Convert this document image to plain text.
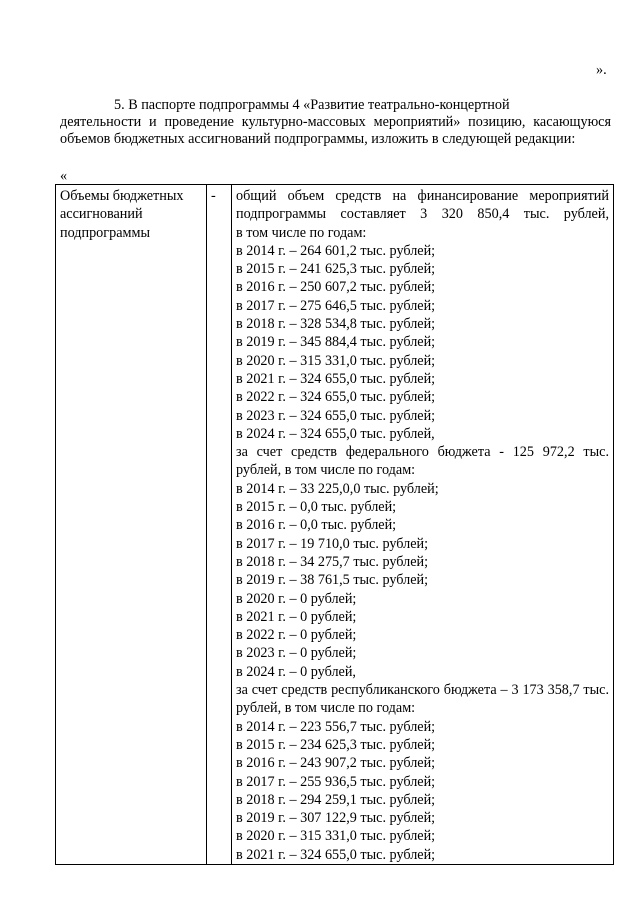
».

5. В паспорте подпрограммы 4 «Развитие театрально-концертной
деятельности и проведение культурно-массовых мероприятий» позицию, касающуюся объемов бюджетных ассигнований подпрограммы, изложить в следующей редакции:

«
Объемы бюджетных ассигнований подпрограммы	-	общий объем средств на финансирование мероприятий подпрограммы составляет 3 320 850,4 тыс. рублей,
в том числе по годам:
в 2014 г. – 264 601,2 тыс. рублей;
в 2015 г. – 241 625,3 тыс. рублей;
в 2016 г. – 250 607,2 тыс. рублей;
в 2017 г. – 275 646,5 тыс. рублей;
в 2018 г. – 328 534,8 тыс. рублей;
в 2019 г. – 345 884,4 тыс. рублей;
в 2020 г. – 315 331,0 тыс. рублей;
в 2021 г. – 324 655,0 тыс. рублей;
в 2022 г. – 324 655,0 тыс. рублей;
в 2023 г. – 324 655,0 тыс. рублей;
в 2024 г. – 324 655,0 тыс. рублей,
за счет средств федерального бюджета - 125 972,2 тыс. рублей, в том числе по годам:
в 2014 г. – 33 225,0,0 тыс. рублей;
в 2015 г. – 0,0 тыс. рублей;
в 2016 г. – 0,0 тыс. рублей;
в 2017 г. – 19 710,0 тыс. рублей;
в 2018 г. – 34 275,7 тыс. рублей;
в 2019 г. – 38 761,5 тыс. рублей;
в 2020 г. – 0 рублей;
в 2021 г. – 0 рублей;
в 2022 г. – 0 рублей;
в 2023 г. – 0 рублей;
в 2024 г. – 0 рублей,
за счет средств республиканского бюджета – 3 173 358,7 тыс. рублей, в том числе по годам:
в 2014 г. – 223 556,7 тыс. рублей;
в 2015 г. – 234 625,3 тыс. рублей;
в 2016 г. – 243 907,2 тыс. рублей;
в 2017 г. – 255 936,5 тыс. рублей;
в 2018 г. – 294 259,1 тыс. рублей;
в 2019 г. – 307 122,9 тыс. рублей;
в 2020 г. – 315 331,0 тыс. рублей;
в 2021 г. – 324 655,0 тыс. рублей;
